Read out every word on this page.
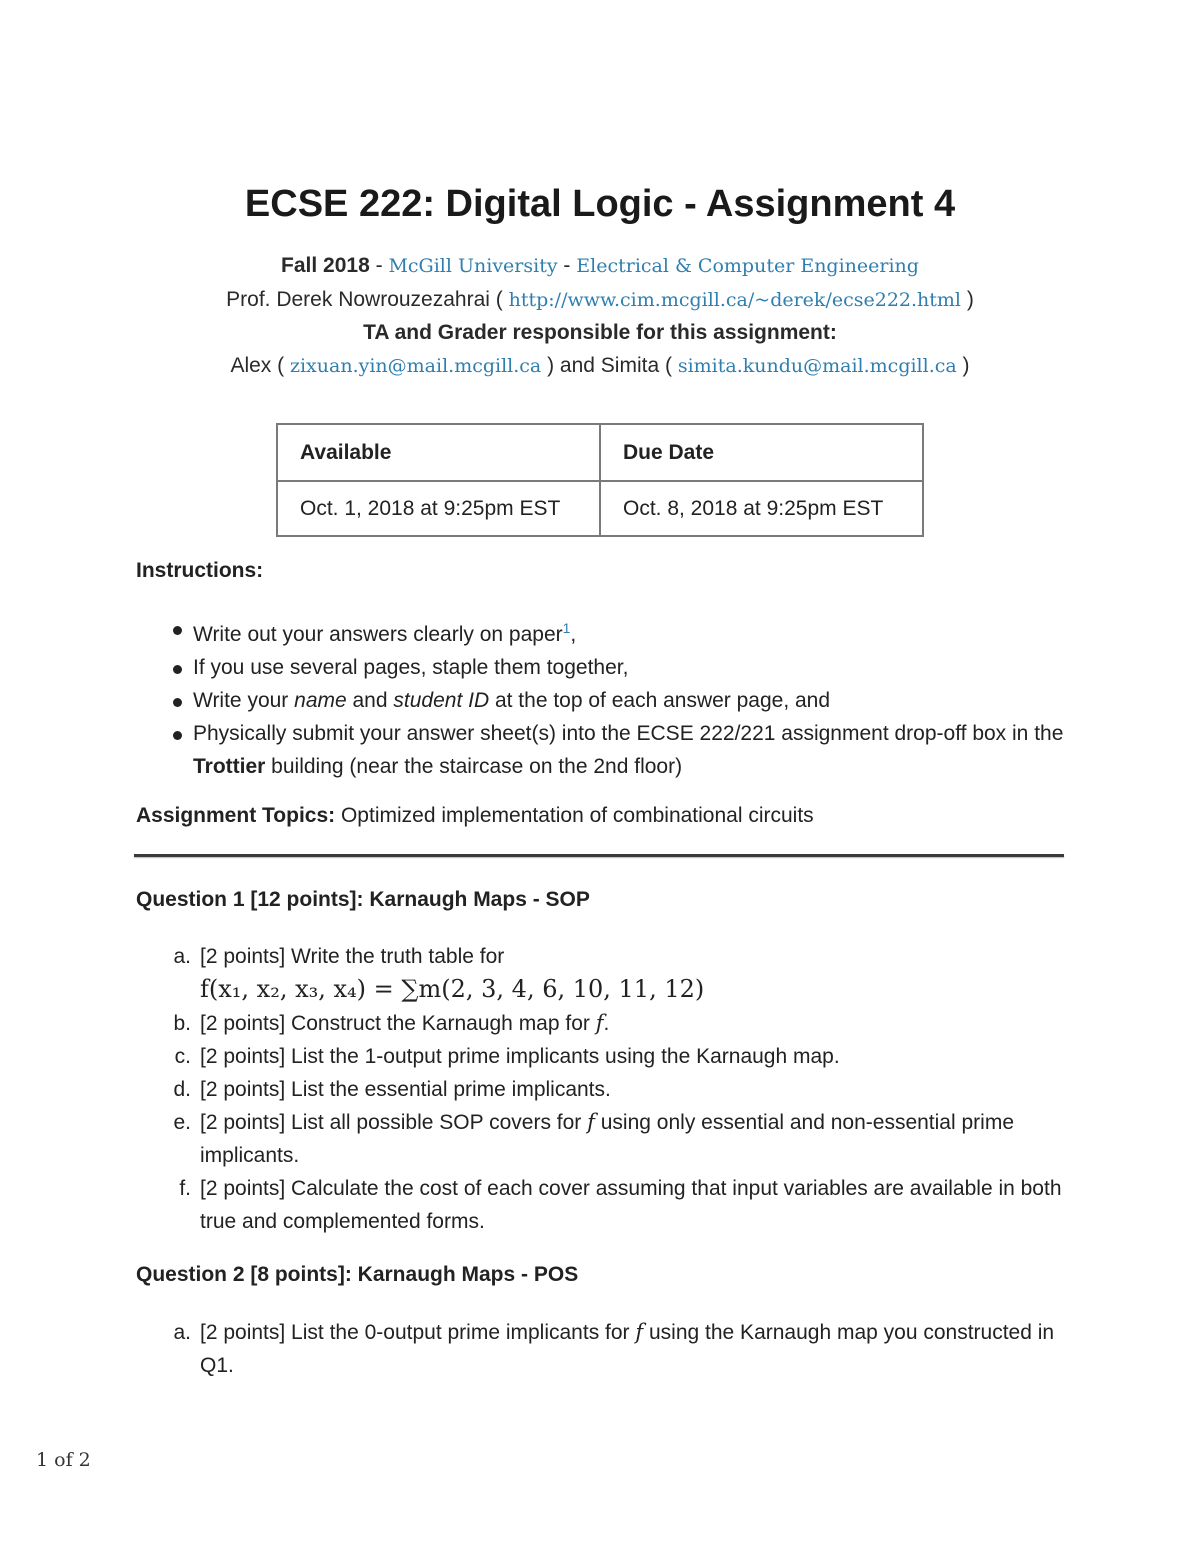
ECSE 222: Digital Logic - Assignment 4
Fall 2018 - McGill University - Electrical & Computer Engineering
Prof. Derek Nowrouzezahrai ( http://www.cim.mcgill.ca/~derek/ecse222.html )
TA and Grader responsible for this assignment:
Alex ( zixuan.yin@mail.mcgill.ca ) and Simita ( simita.kundu@mail.mcgill.ca )
Available	Due Date
Oct. 1, 2018 at 9:25pm EST	Oct. 8, 2018 at 9:25pm EST
Instructions:
Write out your answers clearly on paper$^1$,
If you use several pages, staple them together,
Write your name and student ID at the top of each answer page, and
Physically submit your answer sheet(s) into the ECSE 222/221 assignment drop-off box in the Trottier building (near the staircase on the 2nd floor)
Assignment Topics: Optimized implementation of combinational circuits
Question 1 [12 points]: Karnaugh Maps - SOP
a. [2 points] Write the truth table for
f(x₁, x₂, x₃, x₄) = ∑m(2, 3, 4, 6, 10, 11, 12)
b. [2 points] Construct the Karnaugh map for f.
c. [2 points] List the 1-output prime implicants using the Karnaugh map.
d. [2 points] List the essential prime implicants.
e. [2 points] List all possible SOP covers for f using only essential and non-essential prime implicants.
f. [2 points] Calculate the cost of each cover assuming that input variables are available in both true and complemented forms.
Question 2 [8 points]: Karnaugh Maps - POS
a. [2 points] List the 0-output prime implicants for f using the Karnaugh map you constructed in Q1.
1 of 2
